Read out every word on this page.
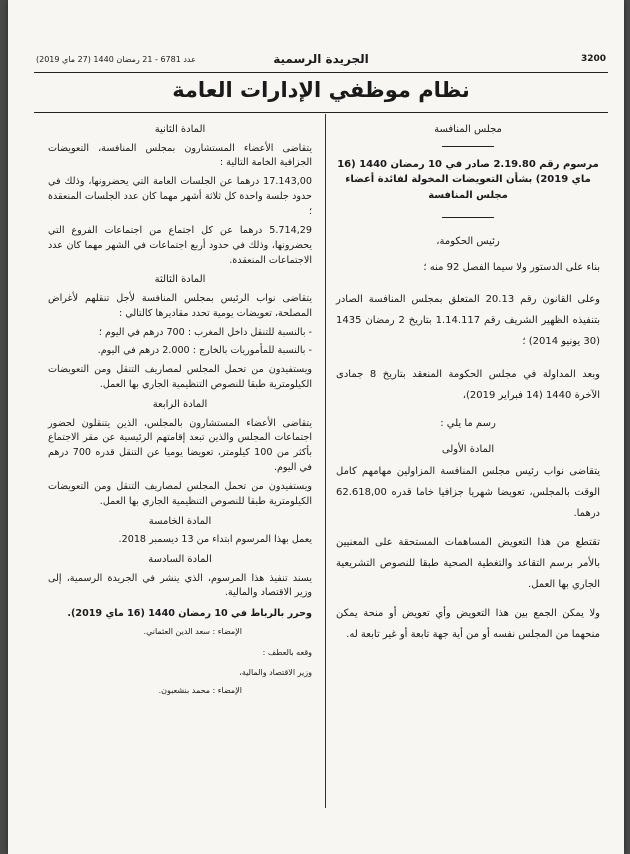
3200
الجريدة الرسمية
عدد 6781 - 21 رمضان 1440 (27 ماي 2019)
نظام موظفي الإدارات العامة

مجلس المنافسة

مرسوم رقم 2.19.80 صادر في 10 رمضان 1440 (16 ماي 2019) بشأن التعويضات المخولة لفائدة أعضاء مجلس المنافسة

رئيس الحكومة،

بناء على الدستور ولا سيما الفصل 92 منه ؛

وعلى القانون رقم 20.13 المتعلق بمجلس المنافسة الصادر بتنفيذه الظهير الشريف رقم 1.14.117 بتاريخ 2 رمضان 1435 (30 يونيو 2014) ؛

وبعد المداولة في مجلس الحكومة المنعقد بتاريخ 8 جمادى الآخرة 1440 (14 فبراير 2019)،

رسم ما يلي :

المادة الأولى

يتقاضى نواب رئيس مجلس المنافسة المزاولين مهامهم كامل الوقت بالمجلس، تعويضا شهريا جزافيا خاما قدره 62.618,00 درهما.

تقتطع من هذا التعويض المساهمات المستحقة على المعنيين بالأمر برسم التقاعد والتغطية الصحية طبقا للنصوص التشريعية الجاري بها العمل.

ولا يمكن الجمع بين هذا التعويض وأي تعويض أو منحة يمكن منحهما من المجلس نفسه أو من أية جهة تابعة أو غير تابعة له.

المادة الثانية

يتقاضى الأعضاء المستشارون بمجلس المنافسة، التعويضات الجزافية الخامة التالية :

17.143,00 درهما عن الجلسات العامة التي يحضرونها، وذلك في حدود جلسة واحدة كل ثلاثة أشهر مهما كان عدد الجلسات المنعقدة ؛

5.714,29 درهما عن كل اجتماع من اجتماعات الفروع التي يحضرونها، وذلك في حدود أربع اجتماعات في الشهر مهما كان عدد الاجتماعات المنعقدة.

المادة الثالثة

يتقاضى نواب الرئيس بمجلس المنافسة لأجل تنقلهم لأغراض المصلحة، تعويضات يومية تحدد مقاديرها كالتالي :

- بالنسبة للتنقل داخل المغرب : 700 درهم في اليوم ؛

- بالنسبة للمأموريات بالخارج : 2.000 درهم في اليوم.

ويستفيدون من تحمل المجلس لمصاريف التنقل ومن التعويضات الكيلومترية طبقا للنصوص التنظيمية الجاري بها العمل.

المادة الرابعة

يتقاضى الأعضاء المستشارون بالمجلس، الذين يتنقلون لحضور اجتماعات المجلس والذين تبعد إقامتهم الرئيسية عن مقر الاجتماع بأكثر من 100 كيلومتر، تعويضا يوميا عن التنقل قدره 700 درهم في اليوم.

ويستفيدون من تحمل المجلس لمصاريف التنقل ومن التعويضات الكيلومترية طبقا للنصوص التنظيمية الجاري بها العمل.

المادة الخامسة

يعمل بهذا المرسوم ابتداء من 13 ديسمبر 2018.

المادة السادسة

يسند تنفيذ هذا المرسوم، الذي ينشر في الجريدة الرسمية، إلى وزير الاقتصاد والمالية.

وحرر بالرباط في 10 رمضان 1440 (16 ماي 2019).

الإمضاء : سعد الدين العثماني.

وقعه بالعطف :

وزير الاقتصاد والمالية،

الإمضاء : محمد بنشعبون.
